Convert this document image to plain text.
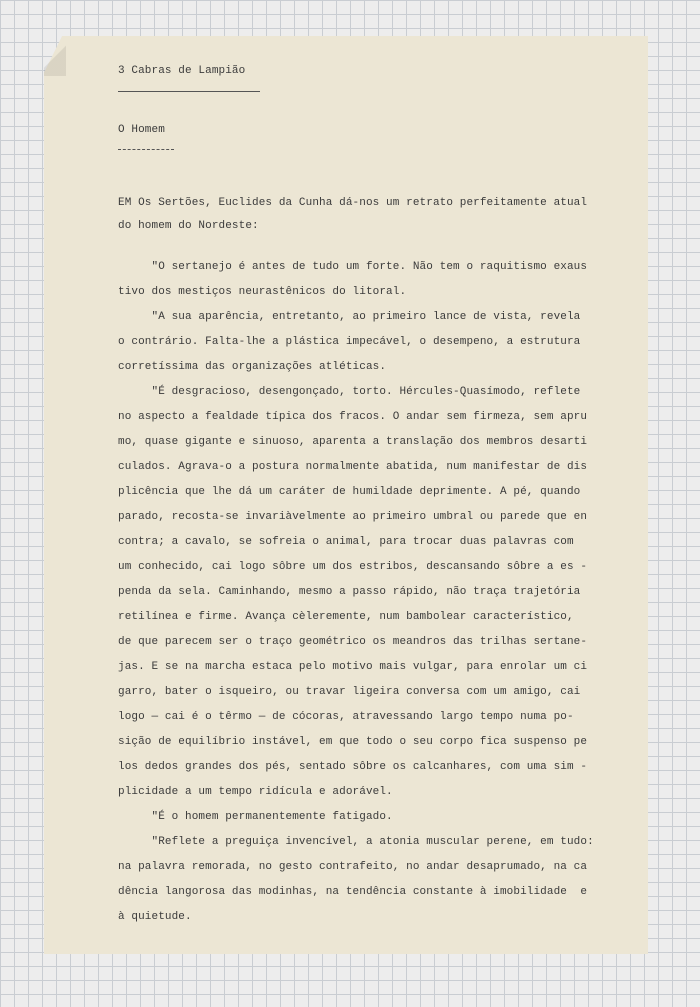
3 Cabras de Lampião
O Homem
EM Os Sertões, Euclides da Cunha dá-nos um retrato perfeitamente atual
do homem do Nordeste:
"O sertanejo é antes de tudo um forte. Não tem o raquitismo exaus
tivo dos mestiços neurastênicos do litoral.
"A sua aparência, entretanto, ao primeiro lance de vista, revela
o contrário. Falta-lhe a plástica impecável, o desempeno, a estrutura
corretíssima das organizações atléticas.
"É desgracioso, desengonçado, torto. Hércules-Quasímodo, reflete
no aspecto a fealdade típica dos fracos. O andar sem firmeza, sem apru
mo, quase gigante e sinuoso, aparenta a translação dos membros desarti
culados. Agrava-o a postura normalmente abatida, num manifestar de dis
plicência que lhe dá um caráter de humildade deprimente. A pé, quando
parado, recosta-se invariàvelmente ao primeiro umbral ou parede que en
contra; a cavalo, se sofreia o animal, para trocar duas palavras com
um conhecido, cai logo sôbre um dos estribos, descansando sôbre a es -
penda da sela. Caminhando, mesmo a passo rápido, não traça trajetória
retilínea e firme. Avança cèleremente, num bambolear característico,
de que parecem ser o traço geométrico os meandros das trilhas sertane-
jas. E se na marcha estaca pelo motivo mais vulgar, para enrolar um ci
garro, bater o isqueiro, ou travar ligeira conversa com um amigo, cai
logo — cai é o têrmo — de cócoras, atravessando largo tempo numa po-
sição de equilíbrio instável, em que todo o seu corpo fica suspenso pe
los dedos grandes dos pés, sentado sôbre os calcanhares, com uma sim -
plicidade a um tempo ridícula e adorável.
"É o homem permanentemente fatigado.
"Reflete a preguiça invencível, a atonia muscular perene, em tudo:
na palavra remorada, no gesto contrafeito, no andar desaprumado, na ca
dência langorosa das modinhas, na tendência constante à imobilidade  e
à quietude.
